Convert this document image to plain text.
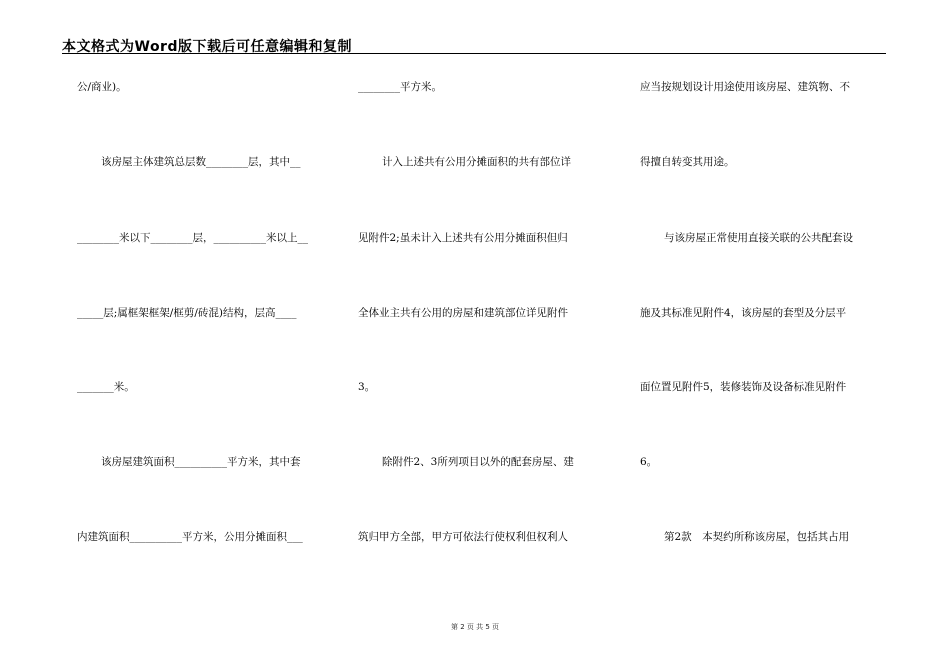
本文格式为Word版下载后可任意编辑和复制
公/商业)。
该房屋主体建筑总层数________层，其中__
________米以下________层，__________米以上__
_____层;属框架框架/框剪/砖混)结构，层高____
_______米。
该房屋建筑面积__________平方米，其中套
内建筑面积__________平方米，公用分摊面积___
________平方米。
计入上述共有公用分摊面积的共有部位详
见附件2;虽未计入上述共有公用分摊面积但归
全体业主共有公用的房屋和建筑部位详见附件
3。
除附件2、3所列项目以外的配套房屋、建
筑归甲方全部，甲方可依法行使权利但权利人
应当按规划设计用途使用该房屋、建筑物、不
得擅自转变其用途。
与该房屋正常使用直接关联的公共配套设
施及其标准见附件4，该房屋的套型及分层平
面位置见附件5，装修装饰及设备标准见附件
6。
第2款　本契约所称该房屋，包括其占用
第 2 页 共 5 页
